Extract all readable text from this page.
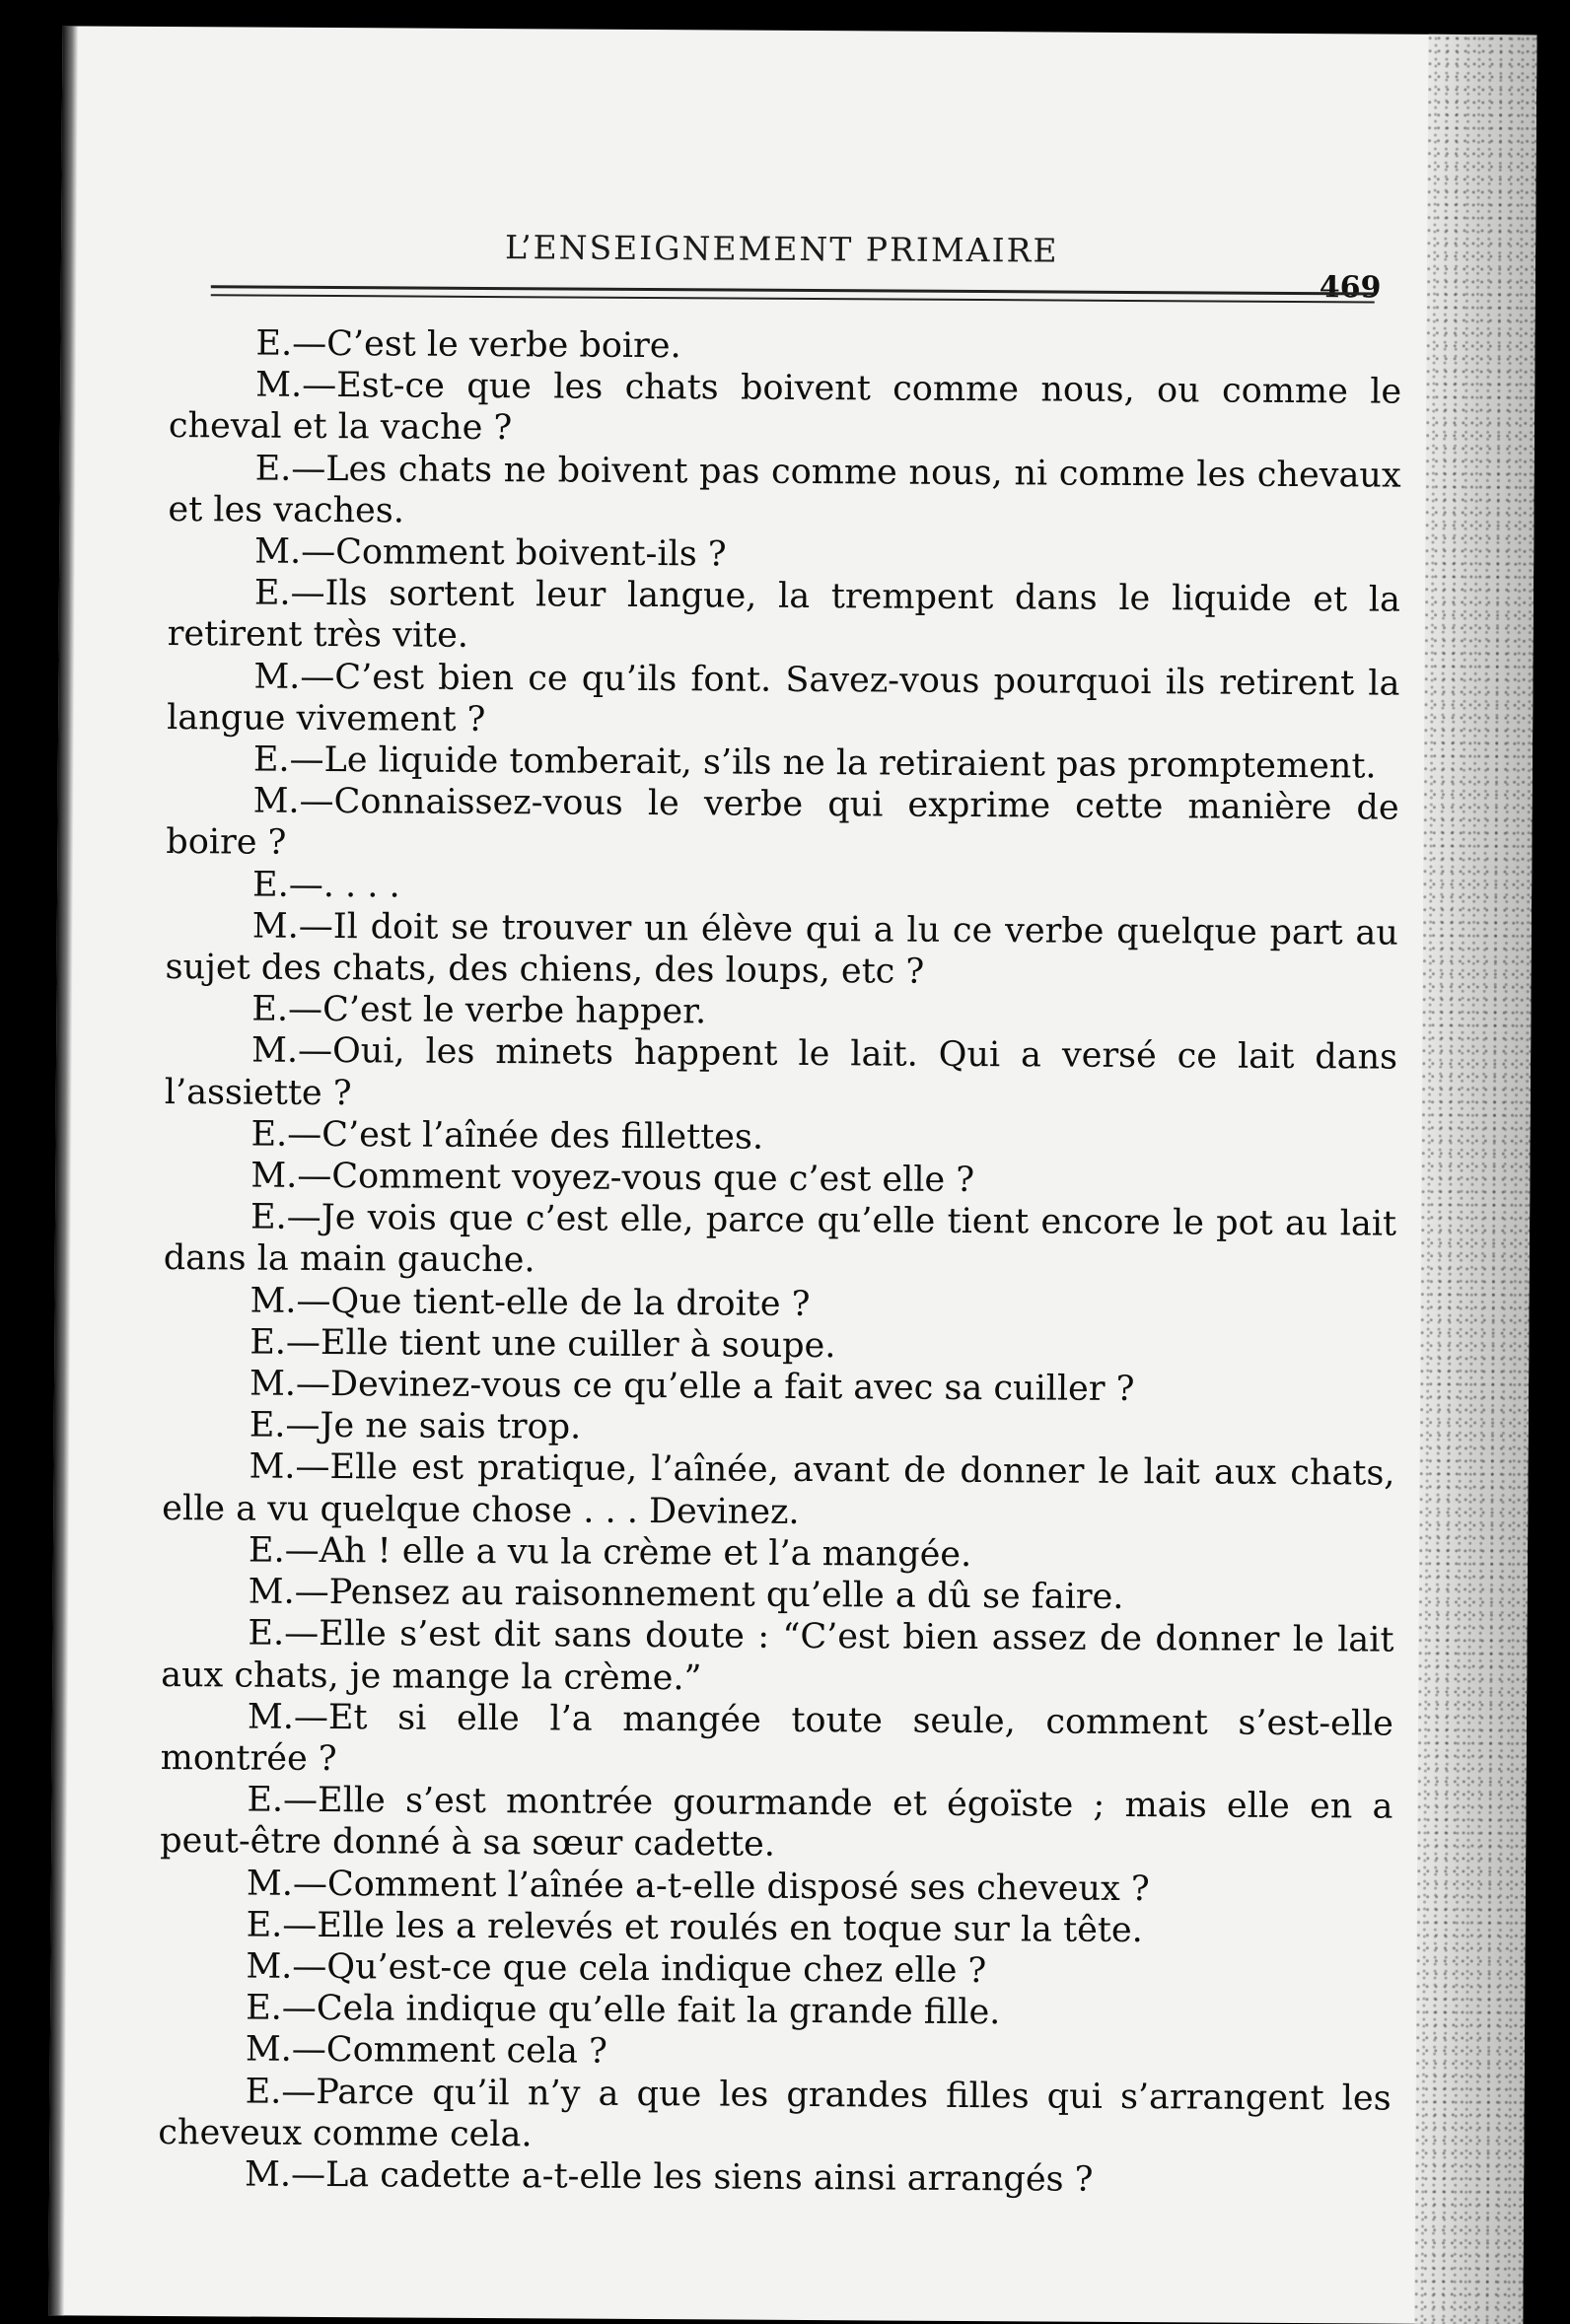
L’ENSEIGNEMENT PRIMAIRE
469

E.—C’est le verbe boire.

M.—Est-ce que les chats boivent comme nous, ou comme le cheval et la vache ?

E.—Les chats ne boivent pas comme nous, ni comme les chevaux et les vaches.

M.—Comment boivent-ils ?

E.—Ils sortent leur langue, la trempent dans le liquide et la retirent très vite.

M.—C’est bien ce qu’ils font. Savez-vous pourquoi ils retirent la langue vivement ?

E.—Le liquide tomberait, s’ils ne la retiraient pas promptement.

M.—Connaissez-vous le verbe qui exprime cette manière de boire ?

E.—. . . .

M.—Il doit se trouver un élève qui a lu ce verbe quelque part au sujet des chats, des chiens, des loups, etc ?

E.—C’est le verbe happer.

M.—Oui, les minets happent le lait. Qui a versé ce lait dans l’assiette ?

E.—C’est l’aînée des fillettes.

M.—Comment voyez-vous que c’est elle ?

E.—Je vois que c’est elle, parce qu’elle tient encore le pot au lait dans la main gauche.

M.—Que tient-elle de la droite ?

E.—Elle tient une cuiller à soupe.

M.—Devinez-vous ce qu’elle a fait avec sa cuiller ?

E.—Je ne sais trop.

M.—Elle est pratique, l’aînée, avant de donner le lait aux chats, elle a vu quelque chose . . . Devinez.

E.—Ah ! elle a vu la crème et l’a mangée.

M.—Pensez au raisonnement qu’elle a dû se faire.

E.—Elle s’est dit sans doute : “C’est bien assez de donner le lait aux chats, je mange la crème.”

M.—Et si elle l’a mangée toute seule, comment s’est-elle montrée ?

E.—Elle s’est montrée gourmande et égoïste ; mais elle en a peut-être donné à sa sœur cadette.

M.—Comment l’aînée a-t-elle disposé ses cheveux ?

E.—Elle les a relevés et roulés en toque sur la tête.

M.—Qu’est-ce que cela indique chez elle ?

E.—Cela indique qu’elle fait la grande fille.

M.—Comment cela ?

E.—Parce qu’il n’y a que les grandes filles qui s’arrangent les cheveux comme cela.

M.—La cadette a-t-elle les siens ainsi arrangés ?
